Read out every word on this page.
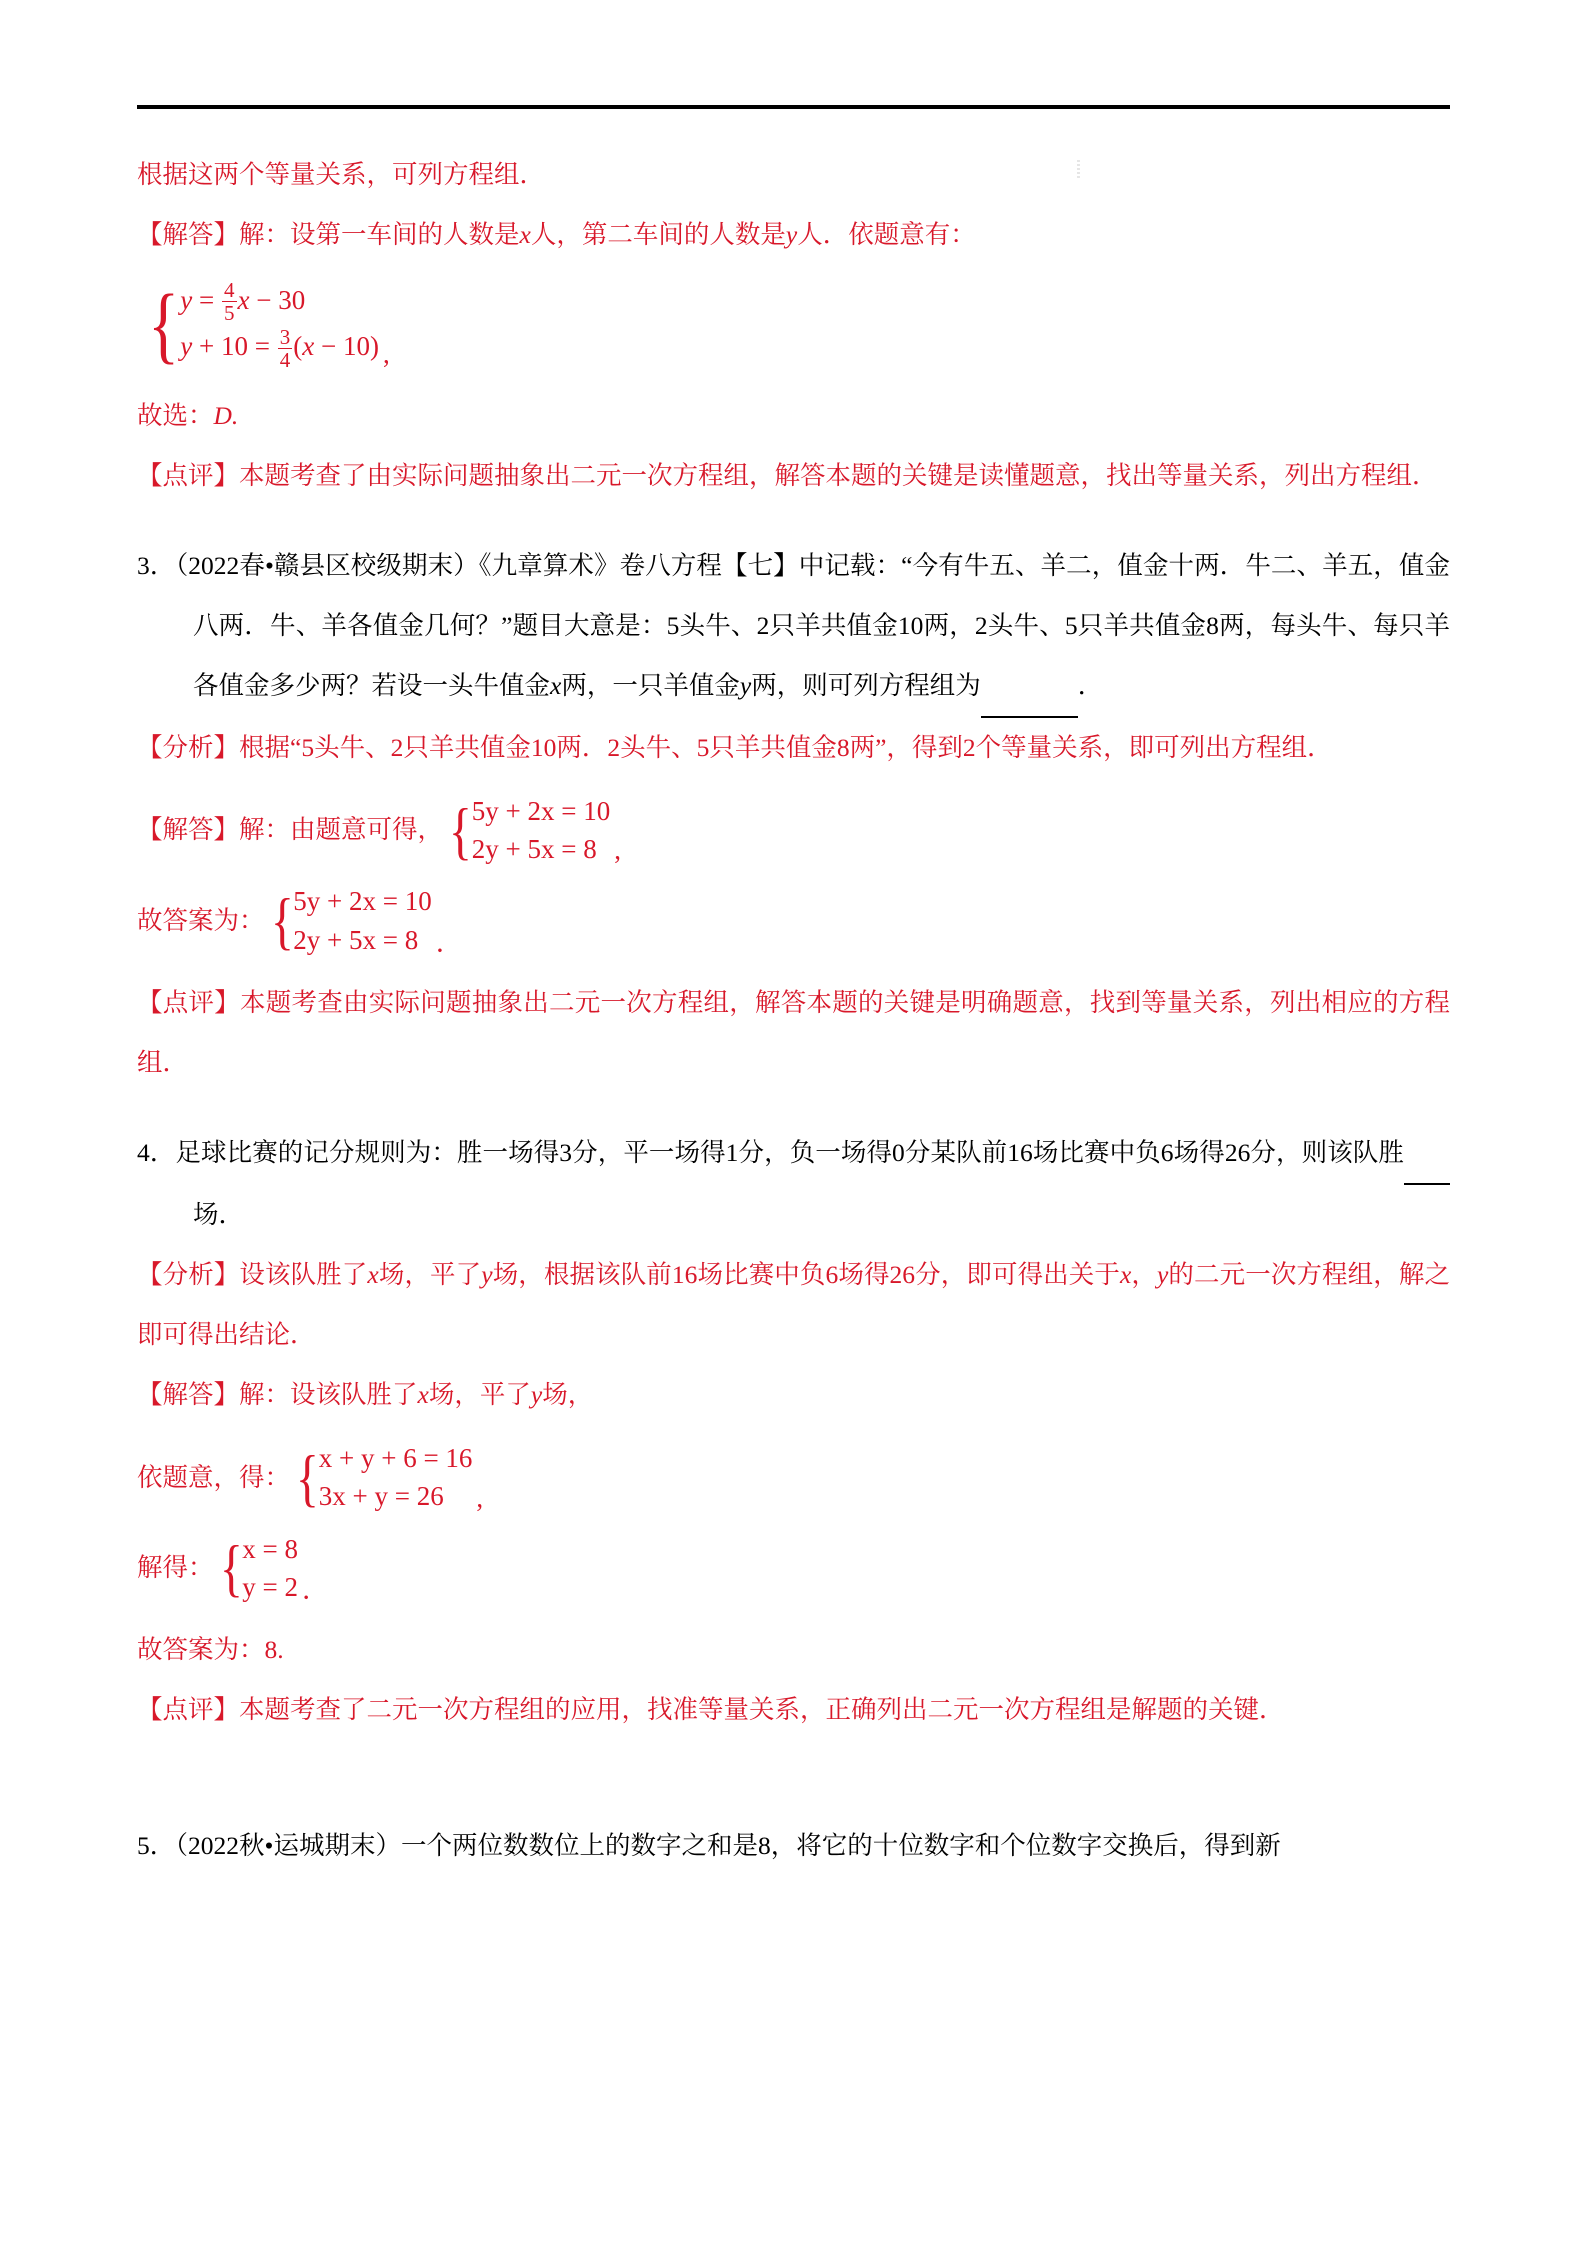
根据这两个等量关系，可列方程组．
【解答】解：设第一车间的人数是x人，第二车间的人数是y人．依题意有：
{ $y = \frac{4}{5}$ x − 30
$y + 10 = \frac{3}{4} (x - 10)$ ,
故选：D.
【点评】本题考查了由实际问题抽象出二元一次方程组，解答本题的关键是读懂题意，找出等量关系，列出方程组．
3．（2022春•赣县区校级期末）《九章算术》卷八方程【七】中记载：“今有牛五、羊二，值金十两．牛二、羊五，值金八两．牛、羊各值金几何？”题目大意是：5头牛、2只羊共值金10两，2头牛、5只羊共值金8两，每头牛、每只羊各值金多少两？若设一头牛值金x两，一只羊值金y两，则可列方程组为　　　　　　	．
【分析】根据“5头牛、2只羊共值金10两．2头牛、5只羊共值金8两”，得到2个等量关系，即可列出方程组．
【解答】解：由题意可得， { 5y + 2x = 10
2y + 5x = 8 ,
故答案为： { 5y + 2x = 10
2y + 5x = 8 ．
【点评】本题考查由实际问题抽象出二元一次方程组，解答本题的关键是明确题意，找到等量关系，列出相应的方程组．
4．足球比赛的记分规则为：胜一场得3分，平一场得1分，负一场得0分某队前16场比赛中负6场得26分，则该队胜　　　　场．
【分析】设该队胜了x场，平了y场，根据该队前16场比赛中负6场得26分，即可得出关于x，y的二元一次方程组，解之即可得出结论．
【解答】解：设该队胜了x场，平了y场，
依题意，得： { x + y + 6 = 16
3x + y = 26	,
解得： { x = 8
y = 2 ．
故答案为：8.
【点评】本题考查了二元一次方程组的应用，找准等量关系，正确列出二元一次方程组是解题的关键．
5．（2022秋•运城期末）一个两位数数位上的数字之和是8，将它的十位数字和个位数字交换后，得到新
